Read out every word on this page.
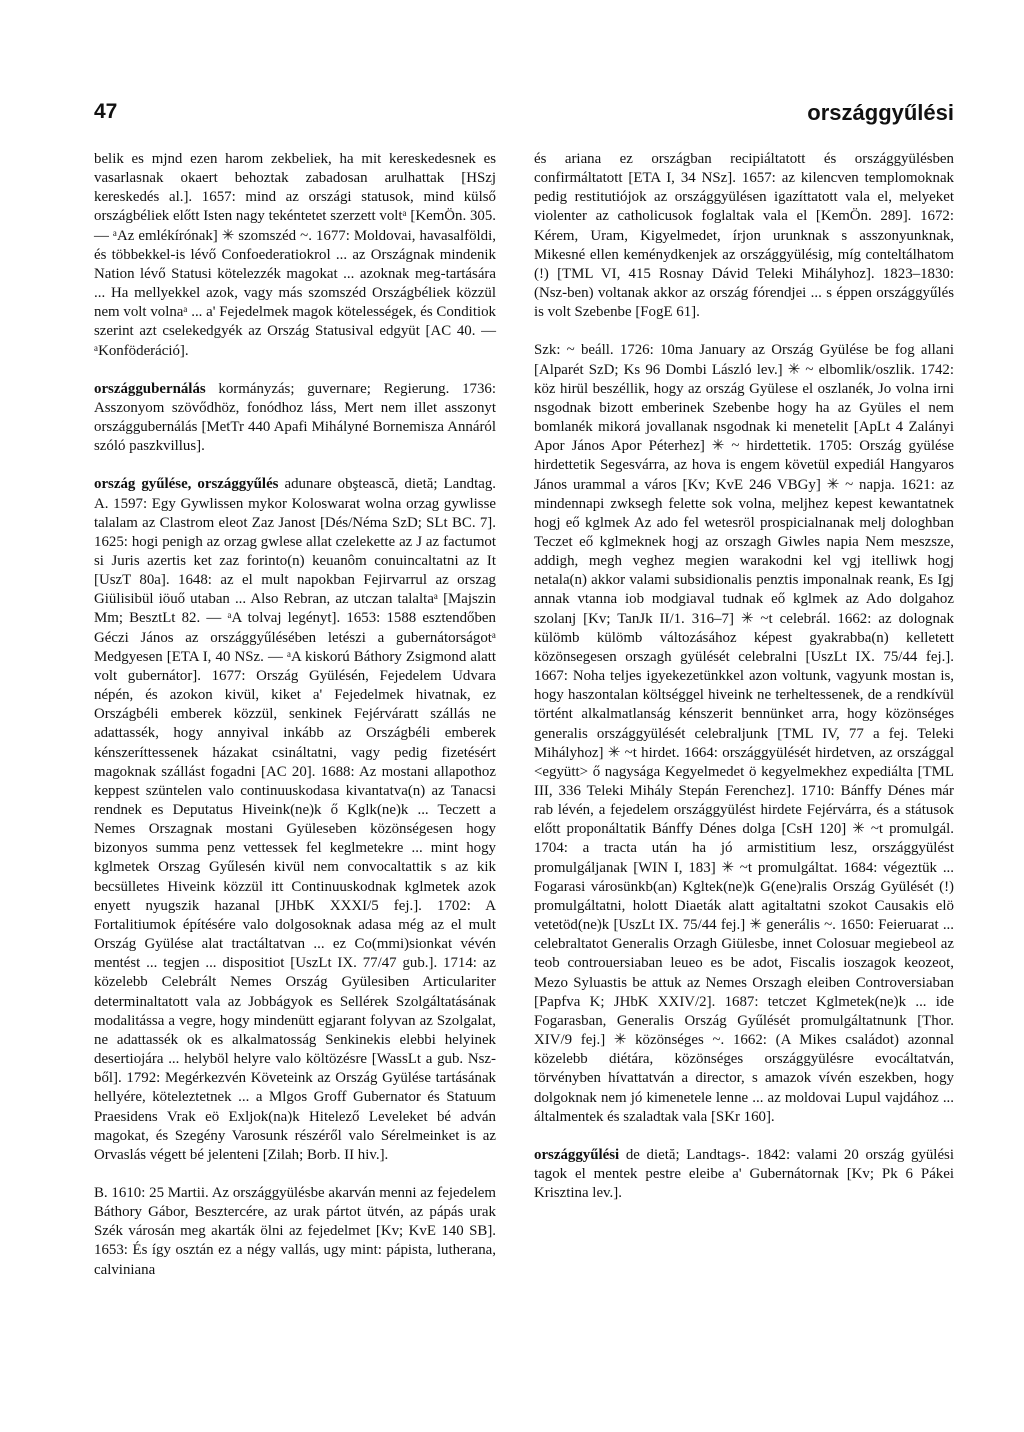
47	országgyűlési

belik es mjnd ezen harom zekbeliek, ha mit kereskedesnek es vasarlasnak okaert behoztak zabadosan arulhattak [HSzj kereskedés al.]. 1657: mind az országi statusok, mind külső országbéliek előtt Isten nagy tekéntetet szerzett voltᵃ [KemÖn. 305. — ᵃAz emlékírónak] ✳ szomszéd ~. 1677: Moldovai, havasalföldi, és többekkel-is lévő Confoederatiokrol ... az Országnak mindenik Nation lévő Statusi kötelezzék magokat ... azoknak meg-tartására ... Ha mellyekkel azok, vagy más szomszéd Országbéliek közzül nem volt volnaᵃ ... a' Fejedelmek magok kötelességek, és Conditiok szerint azt cselekedgyék az Ország Statusival edgyüt [AC 40. — ᵃKonföderáció].

országgubernálás kormányzás; guvernare; Regierung. 1736: Asszonyom szövődhöz, fonódhoz láss, Mert nem illet asszonyt országgubernálás [MetTr 440 Apafi Mihályné Bornemisza Annáról szóló paszkvillus].

ország gyűlése, országgyűlés adunare obştească, dietă; Landtag. A. 1597: Egy Gywlissen mykor Koloswarat wolna orzag gywlisse talalam az Clastrom eleot Zaz Janost [Dés/Néma SzD; SLt BC. 7]. 1625: hogi penigh az orzag gwlese allat czelekette az J az factumot si Juris azertis ket zaz forinto(n) keuanôm conuincaltatni az It [UszT 80a]. 1648: az el mult napokban Fejirvarrul az orszag Giülisibül iöuő utaban ... Also Rebran, az utczan talaltaᵃ [Majszin Mm; BesztLt 82. — ᵃA tolvaj legényt]. 1653: 1588 esztendőben Géczi János az országgyűlésében letészi a gubernátorságotᵃ Medgyesen [ETA I, 40 NSz. — ᵃA kiskorú Báthory Zsigmond alatt volt gubernátor]. 1677: Ország Gyülésén, Fejedelem Udvara népén, és azokon kivül, kiket a' Fejedelmek hivatnak, ez Országbéli emberek közzül, senkinek Fejérváratt szállás ne adattassék, hogy annyival inkább az Országbéli emberek kénszeríttessenek házakat csináltatni, vagy pedig fizetésért magoknak szállást fogadni [AC 20]. 1688: Az mostani allapothoz keppest szüntelen valo continuuskodasa kivantatva(n) az Tanacsi rendnek es Deputatus Hiveink(ne)k ő Kglk(ne)k ... Teczett a Nemes Orszagnak mostani Gyüleseben közönségesen hogy bizonyos summa penz vettessek fel keglmetekre ... mint hogy kglmetek Orszag Gyűlesén kivül nem convocaltattik s az kik becsülletes Hiveink közzül itt Continuuskodnak kglmetek azok enyett nyugszik hazanal [JHbK XXXI/5 fej.]. 1702: A Fortalitiumok építésére valo dolgosoknak adasa még az el mult Ország Gyülése alat tractáltatvan ... ez Co(mmi)sionkat vévén mentést ... tegjen ... dispositiot [UszLt IX. 77/47 gub.]. 1714: az közelebb Celebrált Nemes Ország Gyülesiben Articulariter determinaltatott vala az Jobbágyok es Sellérek Szolgáltatásának modalitássa a vegre, hogy mindenütt egjarant folyvan az Szolgalat, ne adattassék ok es alkalmatosság Senkinekis elebbi helyinek desertiojára ... helyböl helyre valo költözésre [WassLt a gub. Nsz-ből]. 1792: Megérkezvén Követeink az Ország Gyülése tartásának hellyére, köteleztetnek ... a Mlgos Groff Gubernator és Statuum Praesidens Vrak eö Exljok(na)k Hitelező Leveleket bé adván magokat, és Szegény Varosunk részéről valo Sérelmeinket is az Orvaslás végett bé jelenteni [Zilah; Borb. II hiv.].

B. 1610: 25 Martii. Az országgyülésbe akarván menni az fejedelem Báthory Gábor, Besztercére, az urak pártot ütvén, az pápás urak Szék városán meg akarták ölni az fejedelmet [Kv; KvE 140 SB]. 1653: És így osztán ez a négy vallás, ugy mint: pápista, lutherana, calviniana

és ariana ez országban recipiáltatott és országgyülésben confirmáltatott [ETA I, 34 NSz]. 1657: az kilencven templomoknak pedig restitutiójok az országgyülésen igazíttatott vala el, melyeket violenter az catholicusok foglaltak vala el [KemÖn. 289]. 1672: Kérem, Uram, Kigyelmedet, írjon urunknak s asszonyunknak, Mikesné ellen keménydkenjek az országgyülésig, míg conteltálhatom (!) [TML VI, 415 Rosnay Dávid Teleki Mihályhoz]. 1823–1830: (Nsz-ben) voltanak akkor az ország fórendjei ... s éppen országgyűlés is volt Szebenbe [FogE 61].

Szk: ~ beáll. 1726: 10ma January az Ország Gyülése be fog allani [Alparét SzD; Ks 96 Dombi László lev.] ✳ ~ elbomlik/oszlik. 1742: köz hirül beszéllik, hogy az ország Gyülese el oszlanék, Jo volna irni nsgodnak bizott emberinek Szebenbe hogy ha az Gyüles el nem bomlanék mikorá jovallanak nsgodnak ki menetelit [ApLt 4 Zalányi Apor János Apor Péterhez] ✳ ~ hirdettetik. 1705: Ország gyülése hirdettetik Segesvárra, az hova is engem követül expediál Hangyaros János urammal a város [Kv; KvE 246 VBGy] ✳ ~ napja. 1621: az mindennapi zwksegh felette sok volna, meljhez kepest kewantatnek hogj eő kglmek Az ado fel wetesröl prospicialnanak melj dologhban Teczet eő kglmeknek hogj az orszagh Giwles napia Nem meszsze, addigh, megh veghez megien warakodni kel vgj itelliwk hogj netala(n) akkor valami subsidionalis penztis imponalnak reank, Es Igj annak vtanna iob modgiaval tudnak eő kglmek az Ado dolgahoz szolanj [Kv; TanJk II/1. 316–7] ✳ ~t celebrál. 1662: az dolognak külömb külömb változásához képest gyakrabba(n) kelletett közönsegesen orszagh gyülését celebralni [UszLt IX. 75/44 fej.]. 1667: Noha teljes igyekezetünkkel azon voltunk, vagyunk mostan is, hogy haszontalan költséggel hiveink ne terheltessenek, de a rendkívül történt alkalmatlanság kénszerit bennünket arra, hogy közönséges generalis országgyülését celebraljunk [TML IV, 77 a fej. Teleki Mihályhoz] ✳ ~t hirdet. 1664: országgyülését hirdetven, az országgal <együtt> ő nagysága Kegyelmedet ö kegyelmekhez expediálta [TML III, 336 Teleki Mihály Stepán Ferenchez]. 1710: Bánffy Dénes már rab lévén, a fejedelem országgyülést hirdete Fejérvárra, és a státusok előtt proponáltatik Bánffy Dénes dolga [CsH 120] ✳ ~t promulgál. 1704: a tracta után ha jó armistitium lesz, országgyülést promulgáljanak [WIN I, 183] ✳ ~t promulgáltat. 1684: végeztük ... Fogarasi városünkb(an) Kgltek(ne)k G(ene)ralis Ország Gyülését (!) promulgáltatni, holott Diaeták alatt agitaltatni szokot Causakis elö vetetöd(ne)k [UszLt IX. 75/44 fej.] ✳ generális ~. 1650: Feieruarat ... celebraltatot Generalis Orzagh Giülesbe, innet Colosuar megiebeol az teob controuersiaban leueo es be adot, Fiscalis ioszagok keozeot, Mezo Syluastis be attuk az Nemes Orszagh eleiben Controversiaban [Papfva K; JHbK XXIV/2]. 1687: tetczet Kglmetek(ne)k ... ide Fogarasban, Generalis Ország Gyűlését promulgáltatnunk [Thor. XIV/9 fej.] ✳ közönséges ~. 1662: (A Mikes családot) azonnal közelebb diétára, közönséges országgyülésre evocáltatván, törvényben hívattatván a director, s amazok vívén eszekben, hogy dolgoknak nem jó kimenetele lenne ... az moldovai Lupul vajdához ... általmentek és szaladtak vala [SKr 160].

országgyűlési de dietă; Landtags-. 1842: valami 20 ország gyülési tagok el mentek pestre eleibe a' Gubernátornak [Kv; Pk 6 Pákei Krisztina lev.].
